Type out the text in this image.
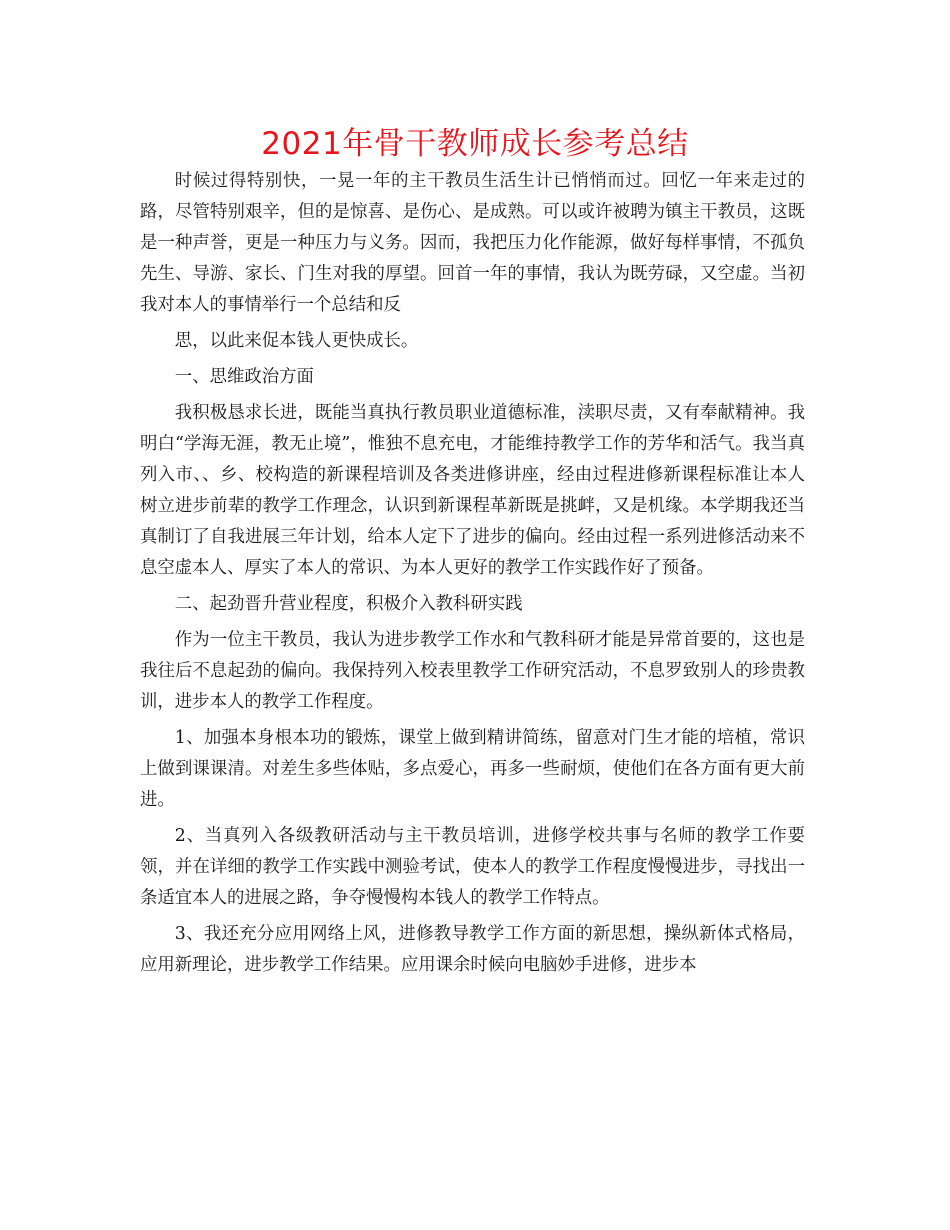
2021年骨干教师成长参考总结

时候过得特别快，一晃一年的主干教员生活生计已悄悄而过。回忆一年来走过的路，尽管特别艰辛，但的是惊喜、是伤心、是成熟。可以或许被聘为镇主干教员，这既是一种声誉，更是一种压力与义务。因而，我把压力化作能源，做好每样事情，不孤负先生、导游、家长、门生对我的厚望。回首一年的事情，我认为既劳碌，又空虚。当初我对本人的事情举行一个总结和反

思，以此来促本钱人更快成长。

一、思维政治方面

我积极恳求长进，既能当真执行教员职业道德标准，渎职尽责，又有奉献精神。我明白“学海无涯，教无止境”，惟独不息充电，才能维持教学工作的芳华和活气。我当真列入市、、乡、校构造的新课程培训及各类进修讲座，经由过程进修新课程标准让本人树立进步前辈的教学工作理念，认识到新课程革新既是挑衅，又是机缘。本学期我还当真制订了自我进展三年计划，给本人定下了进步的偏向。经由过程一系列进修活动来不息空虚本人、厚实了本人的常识、为本人更好的教学工作实践作好了预备。

二、起劲晋升营业程度，积极介入教科研实践

作为一位主干教员，我认为进步教学工作水和气教科研才能是异常首要的，这也是我往后不息起劲的偏向。我保持列入校表里教学工作研究活动，不息罗致别人的珍贵教训，进步本人的教学工作程度。

1、加强本身根本功的锻炼，课堂上做到精讲简练，留意对门生才能的培植，常识上做到课课清。对差生多些体贴，多点爱心，再多一些耐烦，使他们在各方面有更大前进。

2、当真列入各级教研活动与主干教员培训，进修学校共事与名师的教学工作要领，并在详细的教学工作实践中测验考试，使本人的教学工作程度慢慢进步，寻找出一条适宜本人的进展之路，争夺慢慢构本钱人的教学工作特点。

3、我还充分应用网络上风，进修教导教学工作方面的新思想，操纵新体式格局，应用新理论，进步教学工作结果。应用课余时候向电脑妙手进修，进步本
